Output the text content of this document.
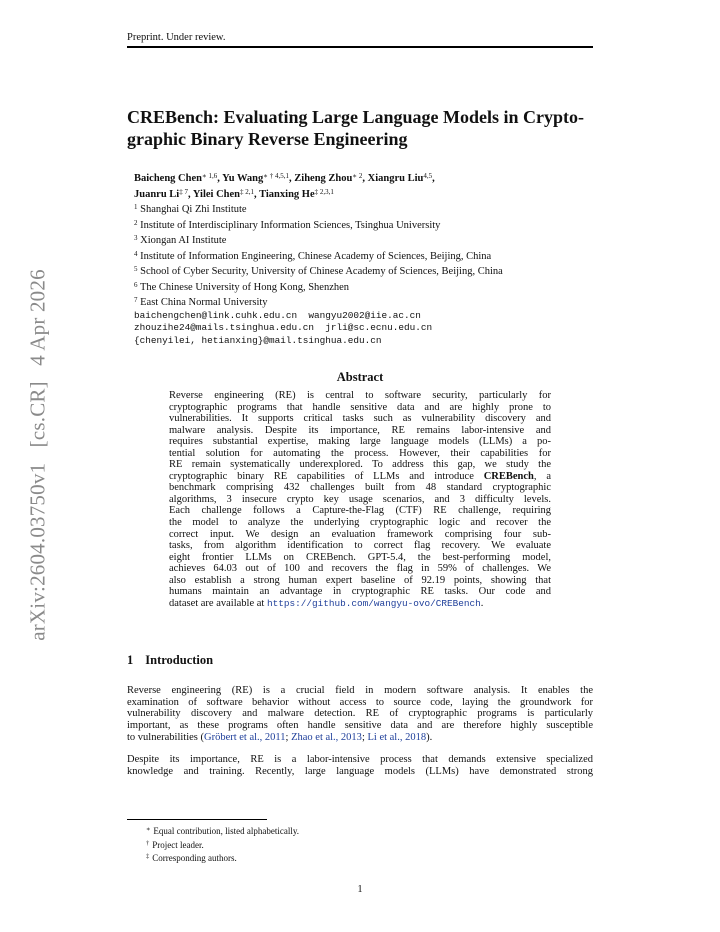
Preprint. Under review.
arXiv:2604.03750v1 [cs.CR] 4 Apr 2026
CREBench: Evaluating Large Language Models in Crypto-
graphic Binary Reverse Engineering
Baicheng Chen$^{∗ 1,6}$, Yu Wang$^{∗ \dagger 4,5,1}$, Ziheng Zhou$^{∗ 2}$, Xiangru Liu$^{4,5}$,
Juanru Li$^{\ddagger 7}$, Yilei Chen$^{\ddagger 2,1}$, Tianxing He$^{\ddagger 2,3,1}$
$^1$ Shanghai Qi Zhi Institute
$^2$ Institute of Interdisciplinary Information Sciences, Tsinghua University
$^3$ Xiongan AI Institute
$^4$ Institute of Information Engineering, Chinese Academy of Sciences, Beijing, China
$^5$ School of Cyber Security, University of Chinese Academy of Sciences, Beijing, China
$^6$ The Chinese University of Hong Kong, Shenzhen
$^7$ East China Normal University
baichengchen@link.cuhk.edu.cn  wangyu2002@iie.ac.cn
zhouzihe24@mails.tsinghua.edu.cn  jrli@sc.ecnu.edu.cn
{chenyilei, hetianxing}@mail.tsinghua.edu.cn
Abstract
Reverse engineering (RE) is central to software security, particularly for
cryptographic programs that handle sensitive data and are highly prone to
vulnerabilities. It supports critical tasks such as vulnerability discovery and
malware analysis. Despite its importance, RE remains labor-intensive and
requires substantial expertise, making large language models (LLMs) a po-
tential solution for automating the process. However, their capabilities for
RE remain systematically underexplored. To address this gap, we study the
cryptographic binary RE capabilities of LLMs and introduce CREBench, a
benchmark comprising 432 challenges built from 48 standard cryptographic
algorithms, 3 insecure crypto key usage scenarios, and 3 difficulty levels.
Each challenge follows a Capture-the-Flag (CTF) RE challenge, requiring
the model to analyze the underlying cryptographic logic and recover the
correct input. We design an evaluation framework comprising four sub-
tasks, from algorithm identification to correct flag recovery. We evaluate
eight frontier LLMs on CREBench. GPT-5.4, the best-performing model,
achieves 64.03 out of 100 and recovers the flag in 59% of challenges. We
also establish a strong human expert baseline of 92.19 points, showing that
humans maintain an advantage in cryptographic RE tasks. Our code and
dataset are available at https://github.com/wangyu-ovo/CREBench.
1 Introduction
Reverse engineering (RE) is a crucial field in modern software analysis. It enables the
examination of software behavior without access to source code, laying the groundwork for
vulnerability discovery and malware detection. RE of cryptographic programs is particularly
important, as these programs often handle sensitive data and are therefore highly susceptible
to vulnerabilities (Gröbert et al., 2011; Zhao et al., 2013; Li et al., 2018).
Despite its importance, RE is a labor-intensive process that demands extensive specialized
knowledge and training. Recently, large language models (LLMs) have demonstrated strong
∗ Equal contribution, listed alphabetically.
† Project leader.
‡ Corresponding authors.
1
